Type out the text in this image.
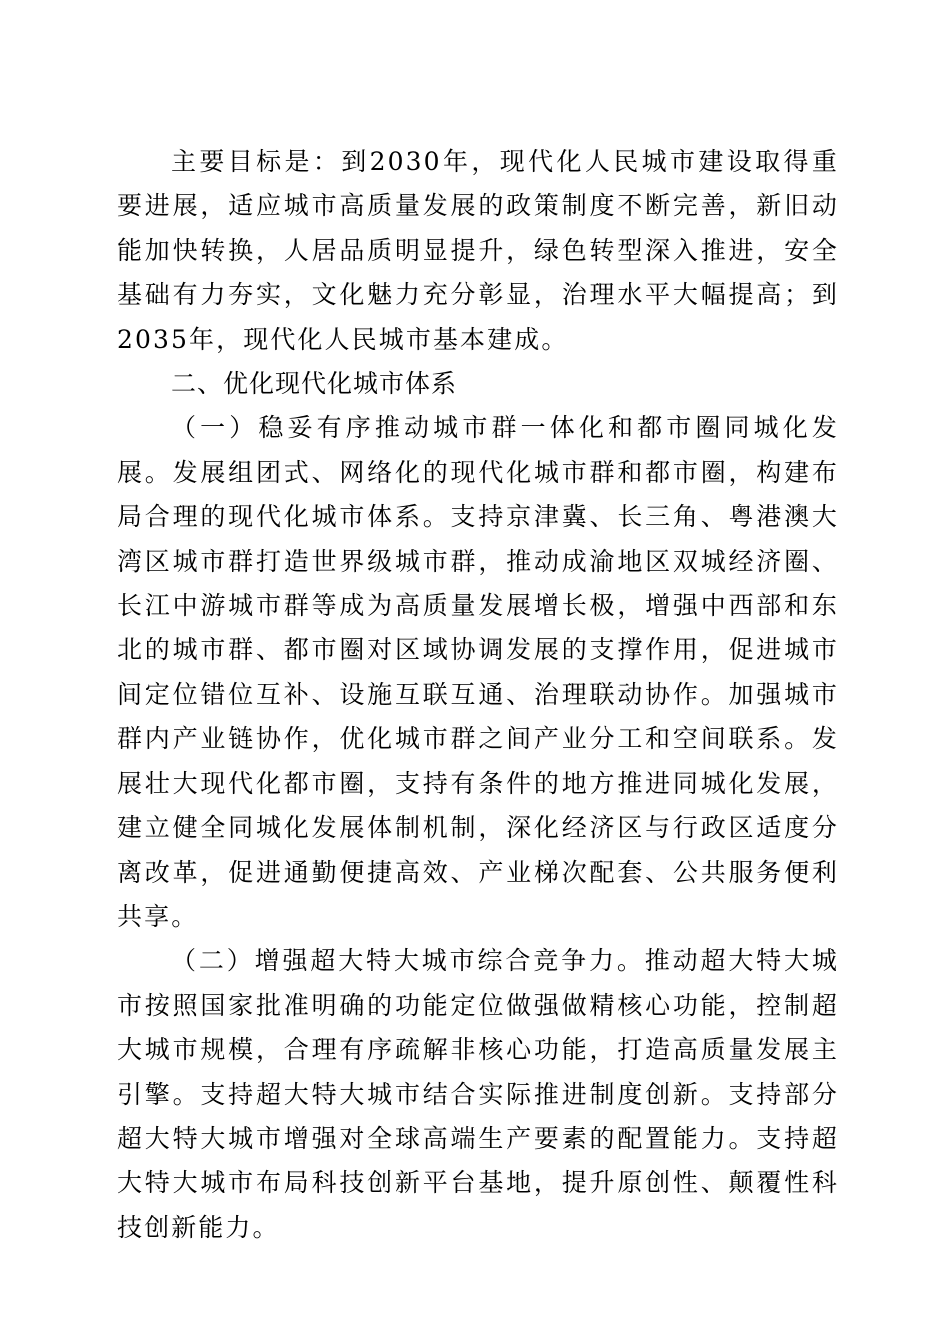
主要目标是：到2030年，现代化人民城市建设取得重要进展，适应城市高质量发展的政策制度不断完善，新旧动能加快转换，人居品质明显提升，绿色转型深入推进，安全基础有力夯实，文化魅力充分彰显，治理水平大幅提高；到2035年，现代化人民城市基本建成。

二、优化现代化城市体系

（一）稳妥有序推动城市群一体化和都市圈同城化发展。发展组团式、网络化的现代化城市群和都市圈，构建布局合理的现代化城市体系。支持京津冀、长三角、粤港澳大湾区城市群打造世界级城市群，推动成渝地区双城经济圈、长江中游城市群等成为高质量发展增长极，增强中西部和东北的城市群、都市圈对区域协调发展的支撑作用，促进城市间定位错位互补、设施互联互通、治理联动协作。加强城市群内产业链协作，优化城市群之间产业分工和空间联系。发展壮大现代化都市圈，支持有条件的地方推进同城化发展，建立健全同城化发展体制机制，深化经济区与行政区适度分离改革，促进通勤便捷高效、产业梯次配套、公共服务便利共享。

（二）增强超大特大城市综合竞争力。推动超大特大城市按照国家批准明确的功能定位做强做精核心功能，控制超大城市规模，合理有序疏解非核心功能，打造高质量发展主引擎。支持超大特大城市结合实际推进制度创新。支持部分超大特大城市增强对全球高端生产要素的配置能力。支持超大特大城市布局科技创新平台基地，提升原创性、颠覆性科技创新能力。
